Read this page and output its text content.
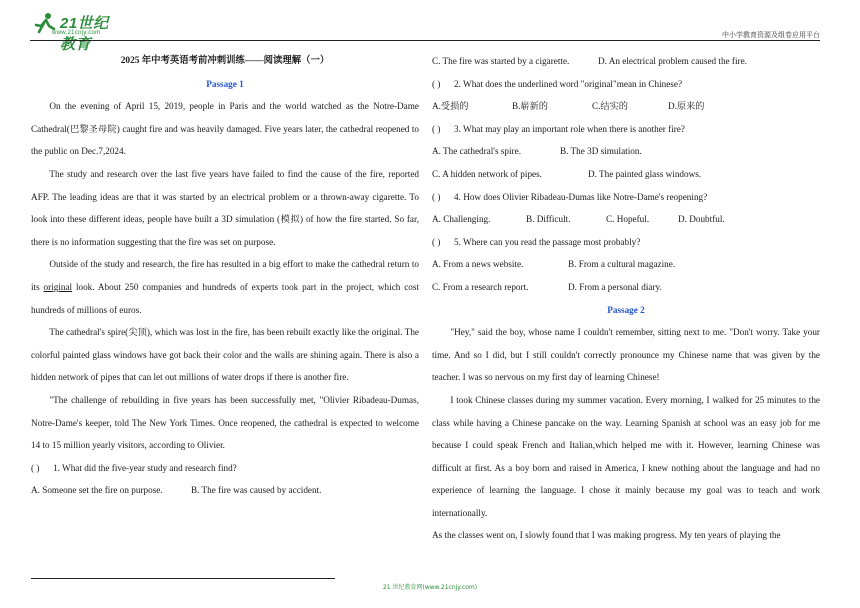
21世纪教育
www.21cnjy.com	中小学教育资源及组卷应用平台

2025 年中考英语考前冲刺训练——阅读理解（一）

Passage 1

On the evening of April 15, 2019, people in Paris and the world watched as the Notre-Dame Cathedral(巴黎圣母院) caught fire and was heavily damaged. Five years later, the cathedral reopened to the public on Dec.7,2024.

The study and research over the last five years have failed to find the cause of the fire, reported AFP. The leading ideas are that it was started by an electrical problem or a thrown-away cigarette. To look into these different ideas, people have built a 3D simulation (模拟) of how the fire started. So far, there is no information suggesting that the fire was set on purpose.

Outside of the study and research, the fire has resulted in a big effort to make the cathedral return to its original look. About 250 companies and hundreds of experts took part in the project, which cost hundreds of millions of euros.

The cathedral's spire(尖顶), which was lost in the fire, has been rebuilt exactly like the original. The colorful painted glass windows have got back their color and the walls are shining again. There is also a hidden network of pipes that can let out millions of water drops if there is another fire.

"The challenge of rebuilding in five years has been successfully met, "Olivier Ribadeau-Dumas, Notre-Dame's keeper, told The New York Times. Once reopened, the cathedral is expected to welcome 14 to 15 million yearly visitors, according to Olivier.

( ) 1. What did the five-year study and research find?

A. Someone set the fire on purpose.	B. The fire was caused by accident.

C. The fire was started by a cigarette.	D. An electrical problem caused the fire.

( ) 2. What does the underlined word "original"mean in Chinese?

A.受损的	B.崭新的	C.结实的	D.原来的

( ) 3. What may play an important role when there is another fire?

A. The cathedral's spire.	B. The 3D simulation.

C. A hidden network of pipes.	D. The painted glass windows.

( ) 4. How does Olivier Ribadeau-Dumas like Notre-Dame's reopening?

A. Challenging.	B. Difficult.	C. Hopeful.	D. Doubtful.

( ) 5. Where can you read the passage most probably?

A. From a news website.	B. From a cultural magazine.

C. From a research report.	D. From a personal diary.

Passage 2

"Hey," said the boy, whose name I couldn't remember, sitting next to me. "Don't worry. Take your time. And so I did, but I still couldn't correctly pronounce my Chinese name that was given by the teacher. I was so nervous on my first day of learning Chinese!

I took Chinese classes during my summer vacation. Every morning, I walked for 25 minutes to the class while having a Chinese pancake on the way. Learning Spanish at school was an easy job for me because I could speak French and Italian,which helped me with it. However, learning Chinese was difficult at first. As a boy born and raised in America, I knew nothing about the language and had no experience of learning the language. I chose it mainly because my goal was to teach and work internationally.

As the classes went on, I slowly found that I was making progress. My ten years of playing the

21 世纪教育网(www.21cnjy.com)
